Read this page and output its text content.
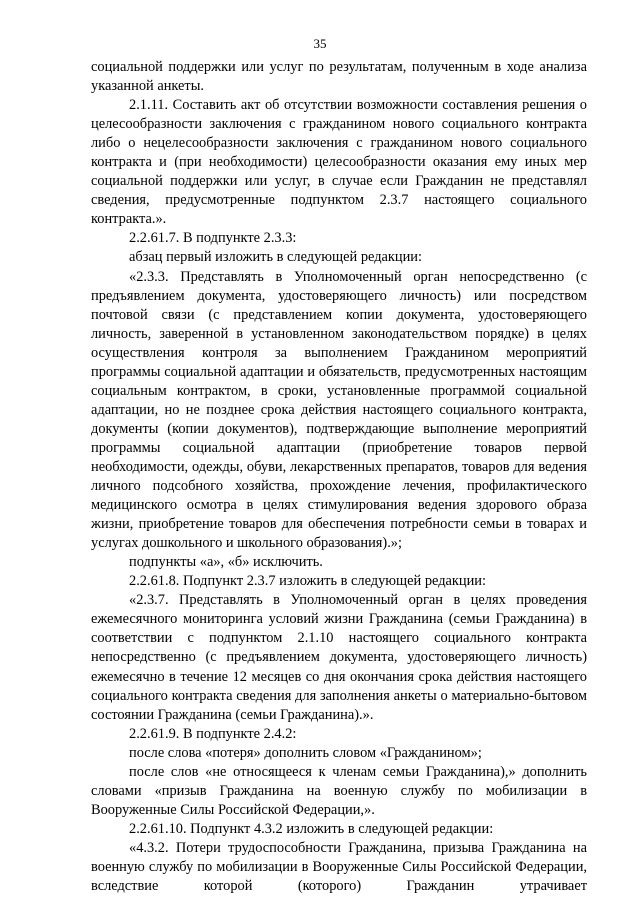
35

социальной поддержки или услуг по результатам, полученным в ходе анализа указанной анкеты.

2.1.11. Составить акт об отсутствии возможности составления решения о целесообразности заключения с гражданином нового социального контракта либо о нецелесообразности заключения с гражданином нового социального контракта и (при необходимости) целесообразности оказания ему иных мер социальной поддержки или услуг, в случае если Гражданин не представлял сведения, предусмотренные подпунктом 2.3.7 настоящего социального контракта.».

2.2.61.7. В подпункте 2.3.3:

абзац первый изложить в следующей редакции:

«2.3.3. Представлять в Уполномоченный орган непосредственно (с предъявлением документа, удостоверяющего личность) или посредством почтовой связи (с представлением копии документа, удостоверяющего личность, заверенной в установленном законодательством порядке) в целях осуществления контроля за выполнением Гражданином мероприятий программы социальной адаптации и обязательств, предусмотренных настоящим социальным контрактом, в сроки, установленные программой социальной адаптации, но не позднее срока действия настоящего социального контракта, документы (копии документов), подтверждающие выполнение мероприятий программы социальной адаптации (приобретение товаров первой необходимости, одежды, обуви, лекарственных препаратов, товаров для ведения личного подсобного хозяйства, прохождение лечения, профилактического медицинского осмотра в целях стимулирования ведения здорового образа жизни, приобретение товаров для обеспечения потребности семьи в товарах и услугах дошкольного и школьного образования).»;

подпункты «а», «б» исключить.

2.2.61.8. Подпункт 2.3.7 изложить в следующей редакции:

«2.3.7. Представлять в Уполномоченный орган в целях проведения ежемесячного мониторинга условий жизни Гражданина (семьи Гражданина) в соответствии с подпунктом 2.1.10 настоящего социального контракта непосредственно (с предъявлением документа, удостоверяющего личность) ежемесячно в течение 12 месяцев со дня окончания срока действия настоящего социального контракта сведения для заполнения анкеты о материально-бытовом состоянии Гражданина (семьи Гражданина).».

2.2.61.9. В подпункте 2.4.2:

после слова «потеря» дополнить словом «Гражданином»;

после слов «не относящееся к членам семьи Гражданина),» дополнить словами «призыв Гражданина на военную службу по мобилизации в Вооруженные Силы Российской Федерации,».

2.2.61.10. Подпункт 4.3.2 изложить в следующей редакции:

«4.3.2. Потери трудоспособности Гражданина, призыва Гражданина на военную службу по мобилизации в Вооруженные Силы Российской Федерации, вследствие которой (которого) Гражданин утрачивает
